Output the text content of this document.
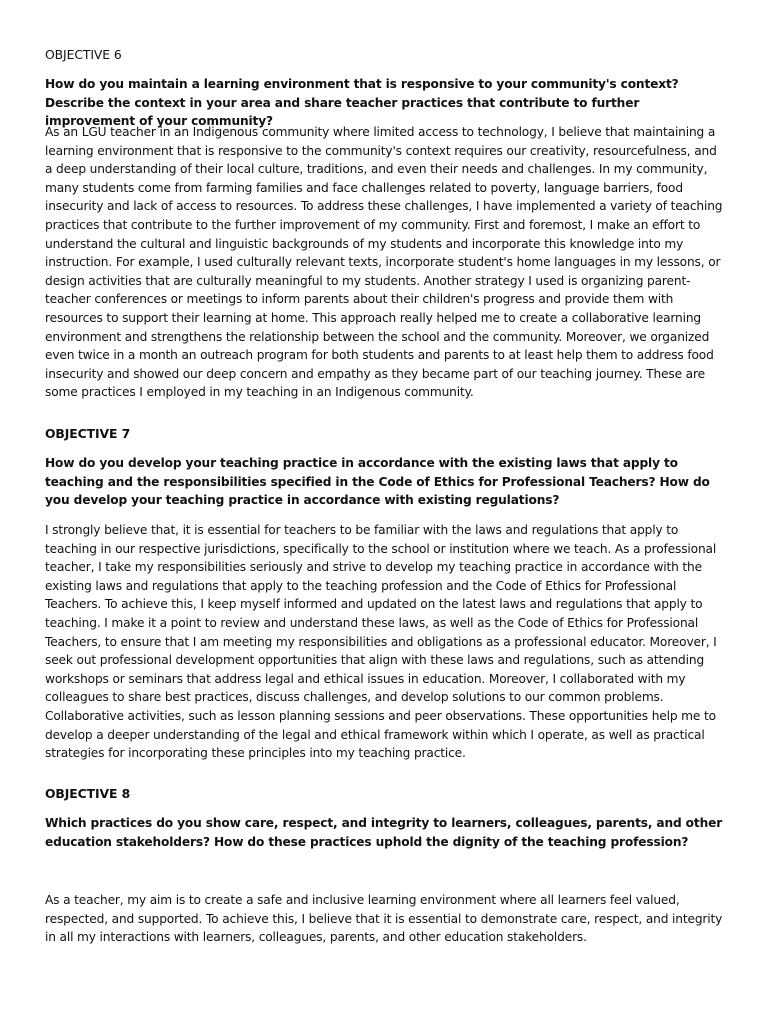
OBJECTIVE 6
How do you maintain a learning environment that is responsive to your community's context? Describe the context in your area and share teacher practices that contribute to further improvement of your community?
As an LGU teacher in an Indigenous community where limited access to technology, I believe that maintaining a learning environment that is responsive to the community's context requires our creativity, resourcefulness, and a deep understanding of their local culture, traditions, and even their needs and challenges. In my community, many students come from farming families and face challenges related to poverty, language barriers, food insecurity and lack of access to resources. To address these challenges, I have implemented a variety of teaching practices that contribute to the further improvement of my community. First and foremost, I make an effort to understand the cultural and linguistic backgrounds of my students and incorporate this knowledge into my instruction. For example, I used culturally relevant texts, incorporate student's home languages in my lessons, or design activities that are culturally meaningful to my students. Another strategy I used is organizing parent-teacher conferences or meetings to inform parents about their children's progress and provide them with resources to support their learning at home. This approach really helped me to create a collaborative learning environment and strengthens the relationship between the school and the community. Moreover, we organized even twice in a month an outreach program for both students and parents to at least help them to address food insecurity and showed our deep concern and empathy as they became part of our teaching journey. These are some practices I employed in my teaching in an Indigenous community.
OBJECTIVE 7
How do you develop your teaching practice in accordance with the existing laws that apply to teaching and the responsibilities specified in the Code of Ethics for Professional Teachers? How do you develop your teaching practice in accordance with existing regulations?
I strongly believe that, it is essential for teachers to be familiar with the laws and regulations that apply to teaching in our respective jurisdictions, specifically to the school or institution where we teach. As a professional teacher, I take my responsibilities seriously and strive to develop my teaching practice in accordance with the existing laws and regulations that apply to the teaching profession and the Code of Ethics for Professional Teachers. To achieve this, I keep myself informed and updated on the latest laws and regulations that apply to teaching. I make it a point to review and understand these laws, as well as the Code of Ethics for Professional Teachers, to ensure that I am meeting my responsibilities and obligations as a professional educator. Moreover, I seek out professional development opportunities that align with these laws and regulations, such as attending workshops or seminars that address legal and ethical issues in education. Moreover, I collaborated with my colleagues to share best practices, discuss challenges, and develop solutions to our common problems. Collaborative activities, such as lesson planning sessions and peer observations. These opportunities help me to develop a deeper understanding of the legal and ethical framework within which I operate, as well as practical strategies for incorporating these principles into my teaching practice.
OBJECTIVE 8
Which practices do you show care, respect, and integrity to learners, colleagues, parents, and other education stakeholders? How do these practices uphold the dignity of the teaching profession?
As a teacher, my aim is to create a safe and inclusive learning environment where all learners feel valued, respected, and supported. To achieve this, I believe that it is essential to demonstrate care, respect, and integrity in all my interactions with learners, colleagues, parents, and other education stakeholders.
